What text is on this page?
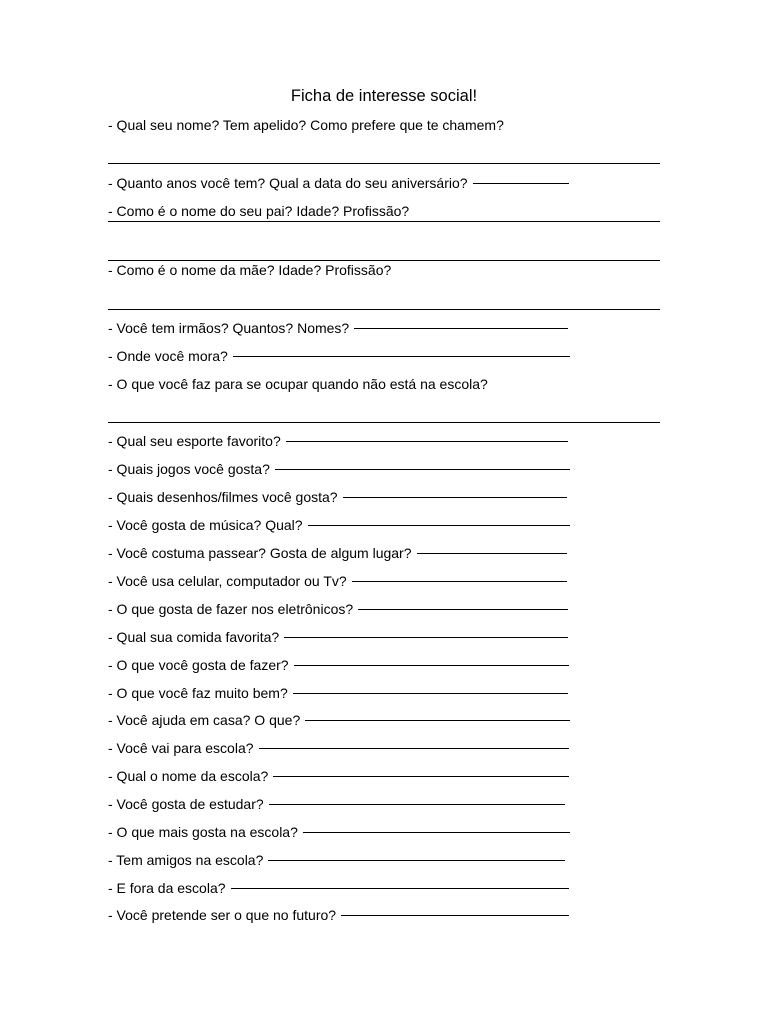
Ficha de interesse social!
- Qual seu nome? Tem apelido? Como prefere que te chamem?
- Quanto anos você tem? Qual a data do seu aniversário?
- Como é o nome do seu pai? Idade? Profissão?
- Como é o nome da mãe? Idade? Profissão?
- Você tem irmãos? Quantos? Nomes?
- Onde você mora?
- O que você faz para se ocupar quando não está na escola?
- Qual seu esporte favorito?
- Quais jogos você gosta?
- Quais desenhos/filmes você gosta?
- Você gosta de música? Qual?
- Você costuma passear? Gosta de algum lugar?
- Você usa celular, computador ou Tv?
- O que gosta de fazer nos eletrônicos?
- Qual sua comida favorita?
- O que você gosta de fazer?
- O que você faz muito bem?
- Você ajuda em casa? O que?
- Você vai para escola?
- Qual o nome da escola?
- Você gosta de estudar?
- O que mais gosta na escola?
- Tem amigos na escola?
- E fora da escola?
- Você pretende ser o que no futuro?
